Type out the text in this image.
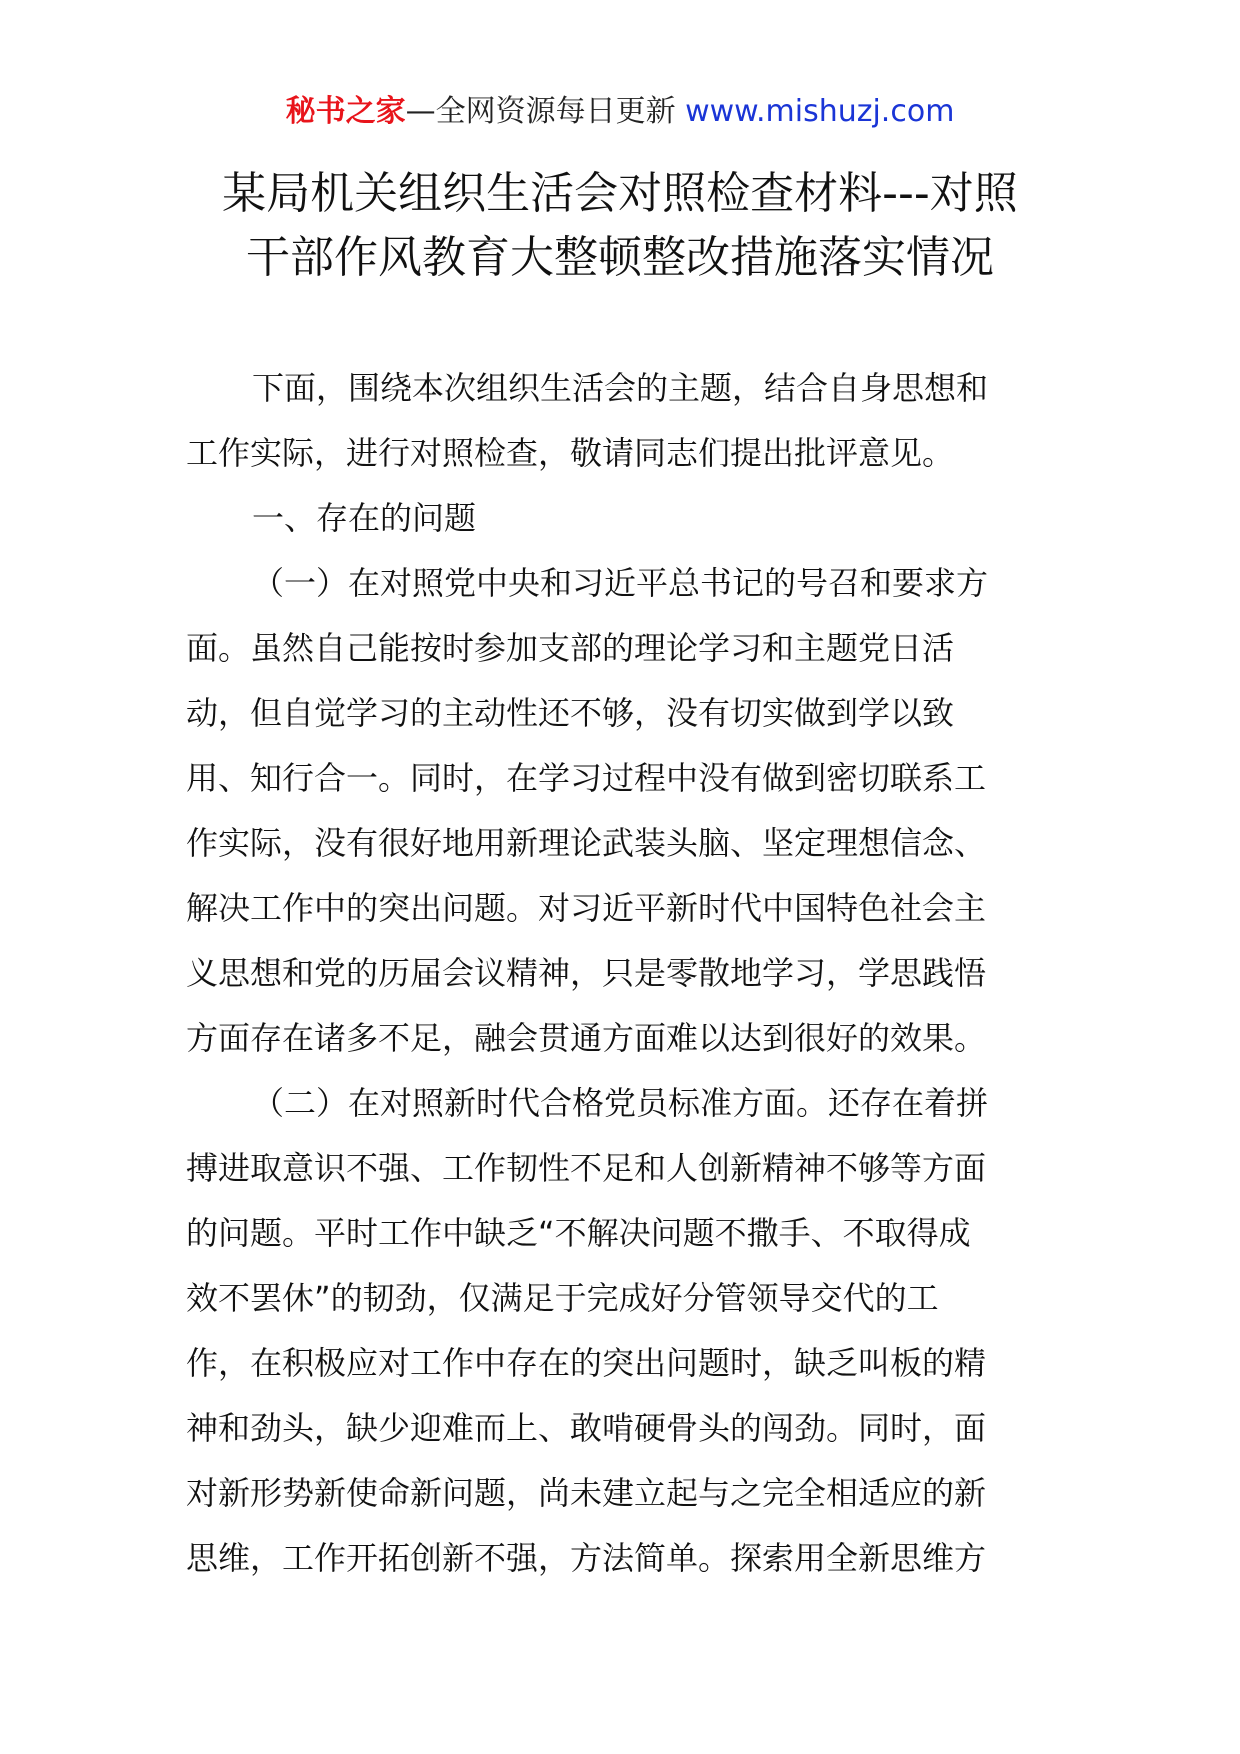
秘书之家—全网资源每日更新 www.mishuzj.com
某局机关组织生活会对照检查材料---对照
干部作风教育大整顿整改措施落实情况
下面，围绕本次组织生活会的主题，结合自身思想和
工作实际，进行对照检查，敬请同志们提出批评意见。
一、存在的问题
（一）在对照党中央和习近平总书记的号召和要求方
面。虽然自己能按时参加支部的理论学习和主题党日活
动，但自觉学习的主动性还不够，没有切实做到学以致
用、知行合一。同时，在学习过程中没有做到密切联系工
作实际，没有很好地用新理论武装头脑、坚定理想信念、
解决工作中的突出问题。对习近平新时代中国特色社会主
义思想和党的历届会议精神，只是零散地学习，学思践悟
方面存在诸多不足，融会贯通方面难以达到很好的效果。
（二）在对照新时代合格党员标准方面。还存在着拼
搏进取意识不强、工作韧性不足和人创新精神不够等方面
的问题。平时工作中缺乏“不解决问题不撒手、不取得成
效不罢休”的韧劲，仅满足于完成好分管领导交代的工
作，在积极应对工作中存在的突出问题时，缺乏叫板的精
神和劲头，缺少迎难而上、敢啃硬骨头的闯劲。同时，面
对新形势新使命新问题，尚未建立起与之完全相适应的新
思维，工作开拓创新不强，方法简单。探索用全新思维方
